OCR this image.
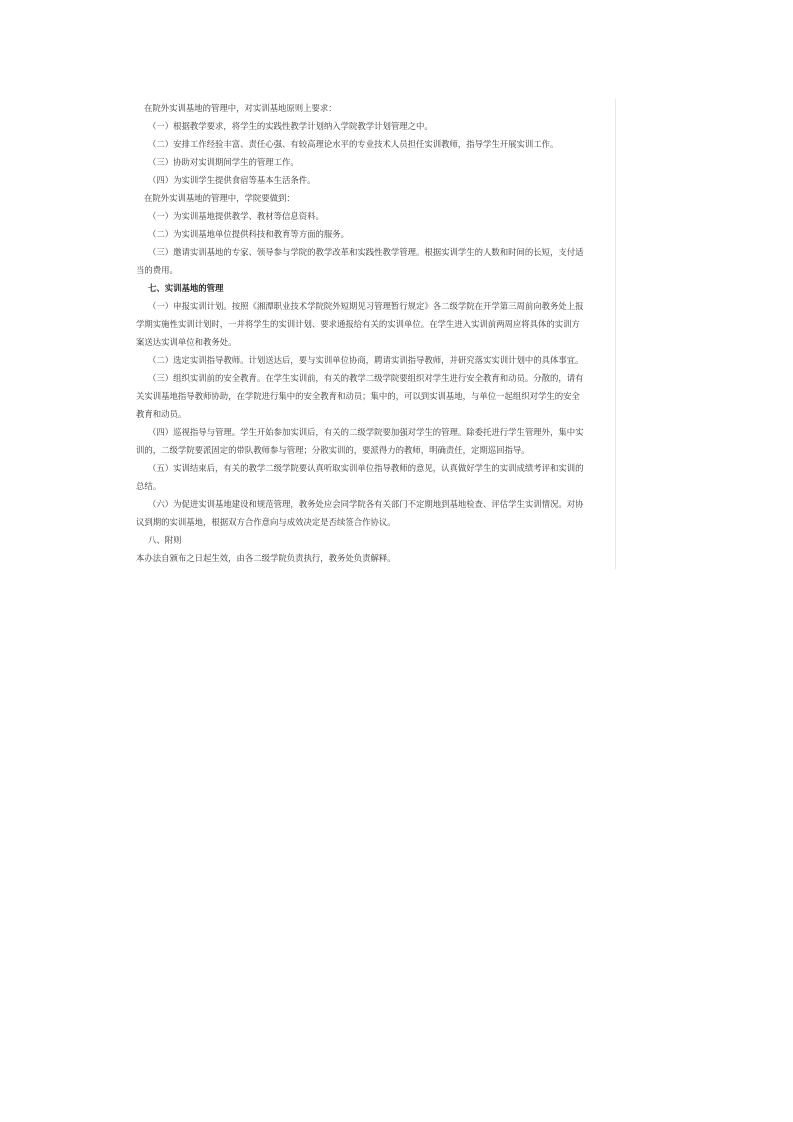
在院外实训基地的管理中，对实训基地原则上要求：

（一）根据教学要求，将学生的实践性教学计划纳入学院教学计划管理之中。

（二）安排工作经验丰富、责任心强、有较高理论水平的专业技术人员担任实训教师，指导学生开展实训工作。

（三）协助对实训期间学生的管理工作。

（四）为实训学生提供食宿等基本生活条件。

在院外实训基地的管理中，学院要做到：

（一）为实训基地提供教学、教材等信息资料。

（二）为实训基地单位提供科技和教育等方面的服务。

（三）邀请实训基地的专家、领导参与学院的教学改革和实践性教学管理。根据实训学生的人数和时间的长短，支付适

当的费用。

七、实训基地的管理

（一）申报实训计划。按照《湘潭职业技术学院院外短期见习管理暂行规定》各二级学院在开学第三周前向教务处上报

学期实施性实训计划时，一并将学生的实训计划、要求通报给有关的实训单位。在学生进入实训前两周应将具体的实训方

案送达实训单位和教务处。

（二）选定实训指导教师。计划送达后，要与实训单位协商，聘请实训指导教师，并研究落实实训计划中的具体事宜。

（三）组织实训前的安全教育。在学生实训前，有关的教学二级学院要组织对学生进行安全教育和动员。分散的，请有

关实训基地指导教师协助，在学院进行集中的安全教育和动员；集中的，可以到实训基地，与单位一起组织对学生的安全

教育和动员。

（四）巡视指导与管理。学生开始参加实训后，有关的二级学院要加强对学生的管理。除委托进行学生管理外，集中实

训的，二级学院要派固定的带队教师参与管理；分散实训的，要派得力的教师，明确责任，定期巡回指导。

（五）实训结束后，有关的教学二级学院要认真听取实训单位指导教师的意见，认真做好学生的实训成绩考评和实训的

总结。

（六）为促进实训基地建设和规范管理，教务处应会同学院各有关部门不定期地到基地检查、评估学生实训情况。对协

议到期的实训基地，根据双方合作意向与成效决定是否续签合作协议。

八、附则

本办法自颁布之日起生效，由各二级学院负责执行，教务处负责解释。
